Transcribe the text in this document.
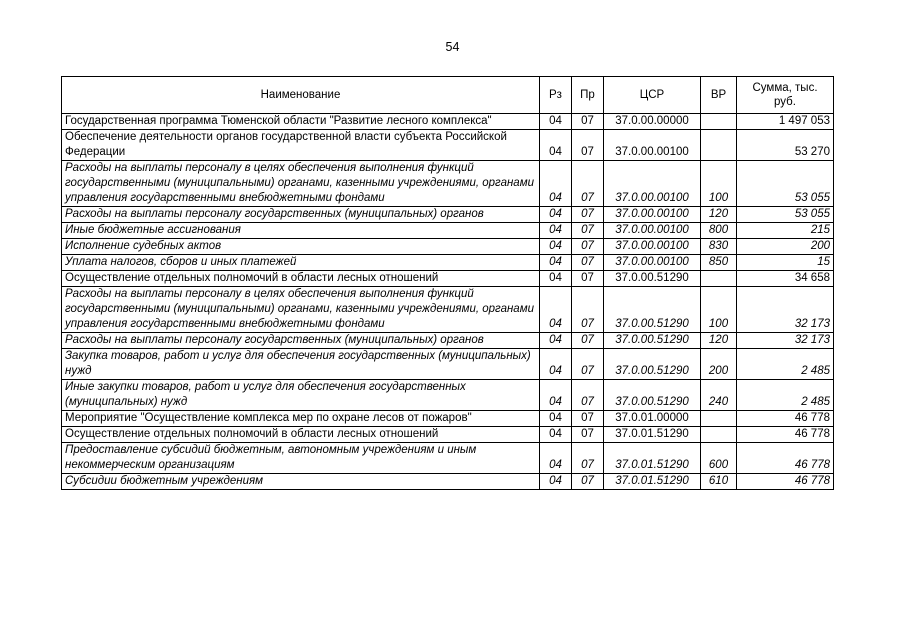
54
Наименование	Рз	Пр	ЦСР	ВР	Сумма, тыс. руб.
Государственная программа Тюменской области "Развитие лесного комплекса"	04	07	37.0.00.00000		1 497 053
Обеспечение деятельности органов государственной власти субъекта Российской Федерации	04	07	37.0.00.00100		53 270
Расходы на выплаты персоналу в целях обеспечения выполнения функций государственными (муниципальными) органами, казенными учреждениями, органами управления государственными внебюджетными фондами	04	07	37.0.00.00100	100	53 055
Расходы на выплаты персоналу государственных (муниципальных) органов	04	07	37.0.00.00100	120	53 055
Иные бюджетные ассигнования	04	07	37.0.00.00100	800	215
Исполнение судебных актов	04	07	37.0.00.00100	830	200
Уплата налогов, сборов и иных платежей	04	07	37.0.00.00100	850	15
Осуществление отдельных полномочий в области лесных отношений	04	07	37.0.00.51290		34 658
Расходы на выплаты персоналу в целях обеспечения выполнения функций государственными (муниципальными) органами, казенными учреждениями, органами управления государственными внебюджетными фондами	04	07	37.0.00.51290	100	32 173
Расходы на выплаты персоналу государственных (муниципальных) органов	04	07	37.0.00.51290	120	32 173
Закупка товаров, работ и услуг для обеспечения государственных (муниципальных) нужд	04	07	37.0.00.51290	200	2 485
Иные закупки товаров, работ и услуг для обеспечения государственных (муниципальных) нужд	04	07	37.0.00.51290	240	2 485
Мероприятие "Осуществление комплекса мер по охране лесов от пожаров"	04	07	37.0.01.00000		46 778
Осуществление отдельных полномочий в области лесных отношений	04	07	37.0.01.51290		46 778
Предоставление субсидий бюджетным, автономным учреждениям и иным некоммерческим организациям	04	07	37.0.01.51290	600	46 778
Субсидии бюджетным учреждениям	04	07	37.0.01.51290	610	46 778
